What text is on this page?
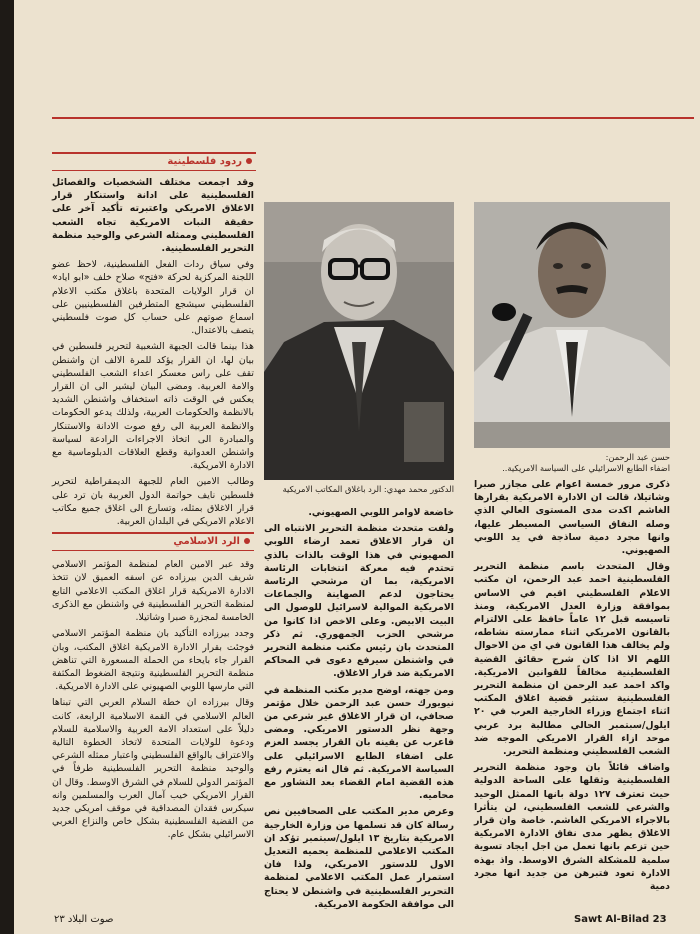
ردود فلسطينية

وقد اجمعت مختلف الشخصيات والفصائل الفلسطينية على ادانة واستنكار قرار الاغلاق الامريكي واعتبرته تأكيد آخر على حقيقة النبات الامريكية تجاه الشعب الفلسطيني وممثله الشرعي والوحيد منظمة التحرير الفلسطينية.

وفي سياق ردات الفعل الفلسطينية، لاحظ عضو اللجنة المركزية لحركة «فتح» صلاح خلف «ابو اياد» ان قرار الولايات المتحدة باغلاق مكتب الاعلام الفلسطيني سيشجع المتطرفين الفلسطينيين على اسماع صوتهم على حساب كل صوت فلسطيني يتصف بالاعتدال.

هذا بينما قالت الجبهة الشعبية لتحرير فلسطين في بيان لها، ان القرار يؤكد للمرة الالف ان واشنطن تقف على راس معسكر اعداء الشعب الفلسطيني والامة العربية. ومضى البيان ليشير الى ان القرار يعكس في الوقت ذاته استخفاف واشنطن الشديد بالانظمة والحكومات العربية، ولذلك يدعو الحكومات والانظمة العربية الى رفع صوت الادانة والاستنكار والمبادرة الى اتخاذ الاجراءات الرادعة لسياسة واشنطن العدوانية وقطع العلاقات الدبلوماسية مع الادارة الامريكية.

وطالب الامين العام للجبهة الديمقراطية لتحرير فلسطين نايف حواتمة الدول العربية بان ترد على قرار الاغلاق بمثله، وتسارع الى اغلاق جميع مكاتب الاعلام الامريكي في البلدان العربية.

الرد الاسلامي

وقد عبر الامين العام لمنظمة المؤتمر الاسلامي شريف الدين بيرزاده عن اسفه العميق لان تتخذ الادارة الامريكية قرار اغلاق المكتب الاعلامي التابع لمنظمة التحرير الفلسطينية في واشنطن مع الذكرى الخامسة لمجزرة صبرا وشاتيلا.

وجدد بيرزاده التأكيد بان منظمة المؤتمر الاسلامي فوجئت بقرار الادارة الامريكية اغلاق المكتب، وبان القرار جاء بايحاء من الحملة المسعورة التي تناهض منظمة التحرير الفلسطينية ونتيجة الضغوط المكثفة التي مارسها اللوبي الصهيوني على الادارة الامريكية.

وقال بيرزاده ان خطة السلام العربي التي تبناها العالم الاسلامي في القمة الاسلامية الرابعة، كانت دليلاً على استعداد الامة العربية والاسلامية للسلام ودعوة للولايات المتحدة لاتخاذ الخطوة التالية والاعتراف بالواقع الفلسطيني واعتبار ممثله الشرعي والوحيد منظمة التحرير الفلسطينية طرفاً في المؤتمر الدولي للسلام في الشرق الاوسط. وقال ان القرار الامريكي خيب آمال العرب والمسلمين وانه سيكرس فقدان المصداقية في موقف امريكي جديد من القضية الفلسطينية بشكل خاص والنزاع العربي الاسرائيلي بشكل عام.

الدكتور محمد مهدي: الرد باغلاق المكاتب الامريكية
حسن عبد الرحمن:
اضفاء الطابع الاسرائيلي على السياسة الامريكية..

خاضعة لاوامر اللوبي الصهيوني.

ولفت متحدث منظمة التحرير الانتباه الى ان قرار الاغلاق تعمد ارضاء اللوبي الصهيوني في هذا الوقت بالذات بالذي تحتدم فيه معركة انتخابات الرئاسة الامريكية، بما ان مرشحي الرئاسة يحتاجون لدعم الصهاينة والجماعات الامريكية الموالية لاسرائيل للوصول الى البيت الابيض. وعلى الاخص اذا كانوا من مرشحي الحزب الجمهوري. ثم ذكر المتحدث بان رئيس مكتب منظمة التحرير في واشنطن سيرفع دعوى في المحاكم الامريكية ضد قرار الاغلاق.

ومن جهته، اوضح مدير مكتب المنظمة في نيويورك حسن عبد الرحمن خلال مؤتمر صحافي، ان قرار الاغلاق غير شرعي من وجهة نظر الدستور الامريكي. ومضى فاعرب عن يقينه بان القرار يجسد العزم على اضفاء الطابع الاسرائيلي على السياسة الامريكية. ثم قال انه يعتزم رفع هذه القضية امام القضاء بعد التشاور مع محاميه.

وعرض مدير المكتب على الصحافيين نص رسالة كان قد تسلمها من وزارة الخارجية الامريكية بتاريخ ١٣ ايلول/سبتمبر تؤكد ان المكتب الاعلامي للمنظمة يحميه التعديل الاول للدستور الامريكي، ولذا فان استمرار عمل المكتب الاعلامي لمنظمة التحرير الفلسطينية في واشنطن لا يحتاج الى موافقة الحكومة الامريكية.

ذكرى مرور خمسة اعوام على مجازر صبرا وشاتيلا، قالت ان الادارة الامريكية بقرارها الغاشم اكدت مدى المستوى العالي الذي وصله النفاق السياسي المسيطر عليها، وانها مجرد دمية ساذجة في يد اللوبي الصهيوني.

وقال المتحدث باسم منظمة التحرير الفلسطينية احمد عبد الرحمن، ان مكتب الاعلام الفلسطيني اقيم في الاساس بموافقة وزارة العدل الامريكية، ومنذ تاسيسه قبل ١٢ عاماً حافظ على الالتزام بالقانون الامريكي اثناء ممارسته نشاطه، ولم يخالف هذا القانون في اي من الاحوال اللهم الا اذا كان شرح حقائق القضية الفلسطينية مخالفاً للقوانين الامريكية. واكد احمد عبد الرحمن ان منظمة التحرير الفلسطينية ستثير قضية اغلاق المكتب اثناء اجتماع وزراء الخارجية العرب في ٢٠ ايلول/سبتمبر الحالي مطالبة برد عربي موحد ازاء القرار الامريكي الموجه ضد الشعب الفلسطيني ومنظمة التحرير.

واضاف قائلاً بان وجود منظمة التحرير الفلسطينية وثقلها على الساحة الدولية حيث تعترف ١٢٧ دولة بانها الممثل الوحيد والشرعي للشعب الفلسطيني، لن يتأثرا بالاجراء الامريكي الغاشم. خاصة وان قرار الاغلاق يظهر مدى نفاق الادارة الامريكية حين تزعم بانها تعمل من اجل ايجاد تسوية سلمية للمشكلة الشرق الاوسط. واذ بهذه الادارة تعود فتبرهن من جديد انها مجرد دمية

Sawt Al-Bilad 23
صوت البلاد ٢٣
